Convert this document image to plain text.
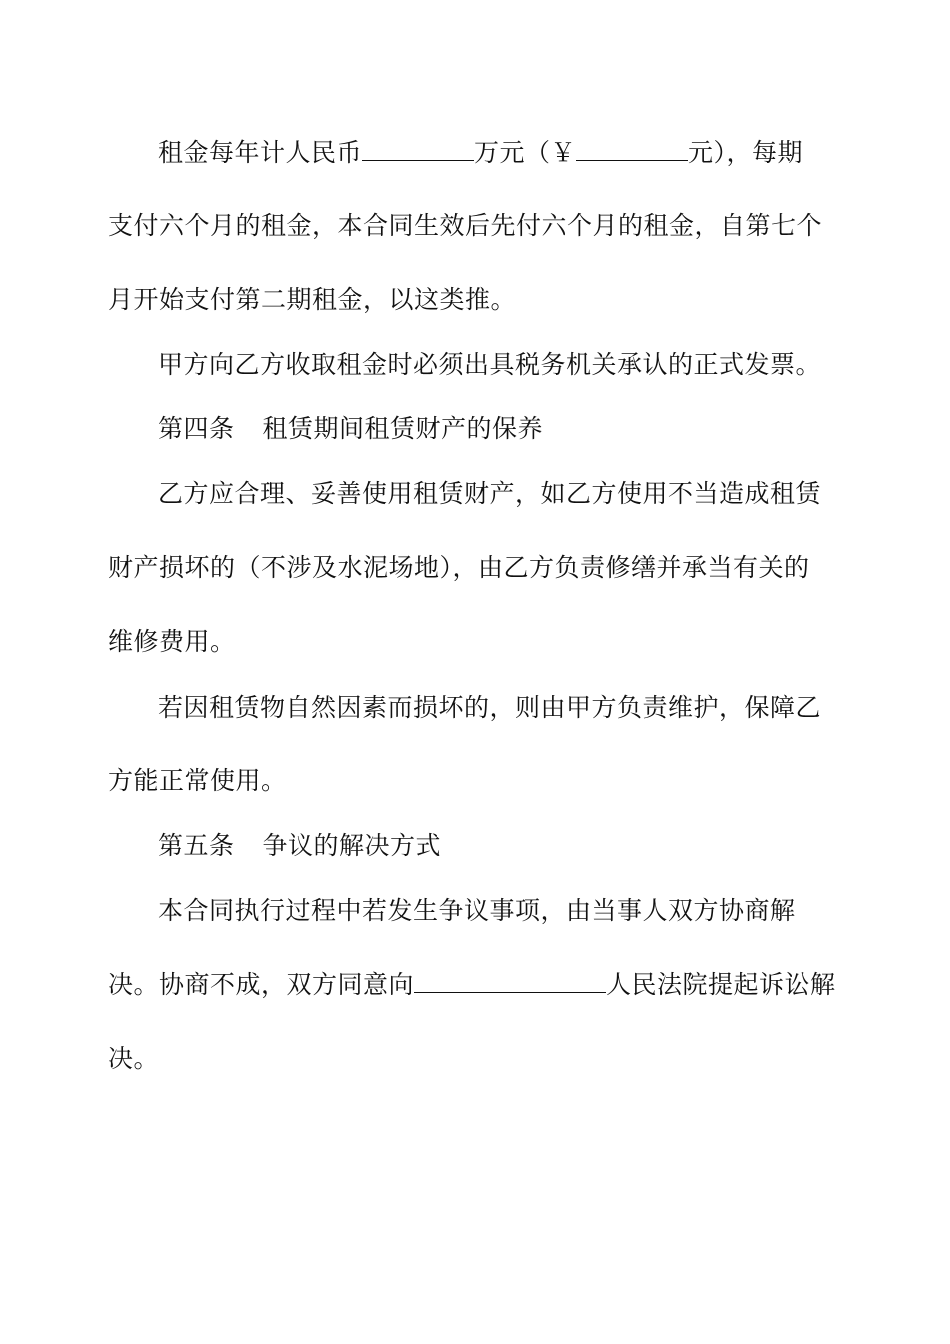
租金每年计人民币	万元（￥	元），每期
支付六个月的租金，本合同生效后先付六个月的租金，自第七个
月开始支付第二期租金，以这类推。
甲方向乙方收取租金时必须出具税务机关承认的正式发票。
第四条 租赁期间租赁财产的保养
乙方应合理、妥善使用租赁财产，如乙方使用不当造成租赁
财产损坏的（不涉及水泥场地），由乙方负责修缮并承当有关的
维修费用。
若因租赁物自然因素而损坏的，则由甲方负责维护，保障乙
方能正常使用。
第五条 争议的解决方式
本合同执行过程中若发生争议事项，由当事人双方协商解
决。协商不成，双方同意向	人民法院提起诉讼解
决。
